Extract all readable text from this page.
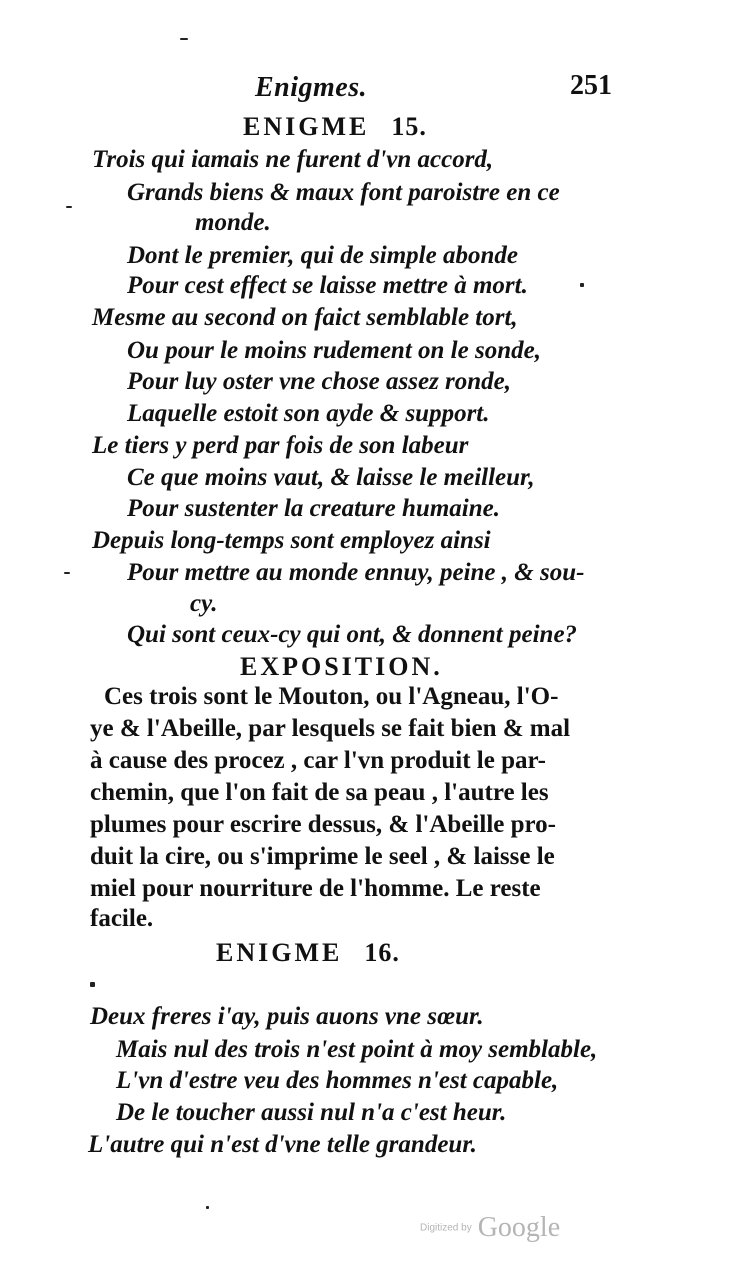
Enigmes.	251
ENIGME 15.
Trois qui iamais ne furent d'vn accord,
Grands biens & maux font paroistre en ce
monde.
Dont le premier, qui de simple abonde
Pour cest effect se laisse mettre à mort.
Mesme au second on faict semblable tort,
Ou pour le moins rudement on le sonde,
Pour luy oster vne chose assez ronde,
Laquelle estoit son ayde & support.
Le tiers y perd par fois de son labeur
Ce que moins vaut, & laisse le meilleur,
Pour sustenter la creature humaine.
Depuis long-temps sont employez ainsi
Pour mettre au monde ennuy, peine , & sou-
cy.
Qui sont ceux-cy qui ont, & donnent peine?
EXPOSITION.
Ces trois sont le Mouton, ou l'Agneau, l'O-
ye & l'Abeille, par lesquels se fait bien & mal
à cause des procez , car l'vn produit le par-
chemin, que l'on fait de sa peau , l'autre les
plumes pour escrire dessus, & l'Abeille pro-
duit la cire, ou s'imprime le seel , & laisse le
miel pour nourriture de l'homme. Le reste
facile.
ENIGME 16.
Deux freres i'ay, puis auons vne sœur.
Mais nul des trois n'est point à moy semblable,
L'vn d'estre veu des hommes n'est capable,
De le toucher aussi nul n'a c'est heur.
L'autre qui n'est d'vne telle grandeur.
Digitized by Google
